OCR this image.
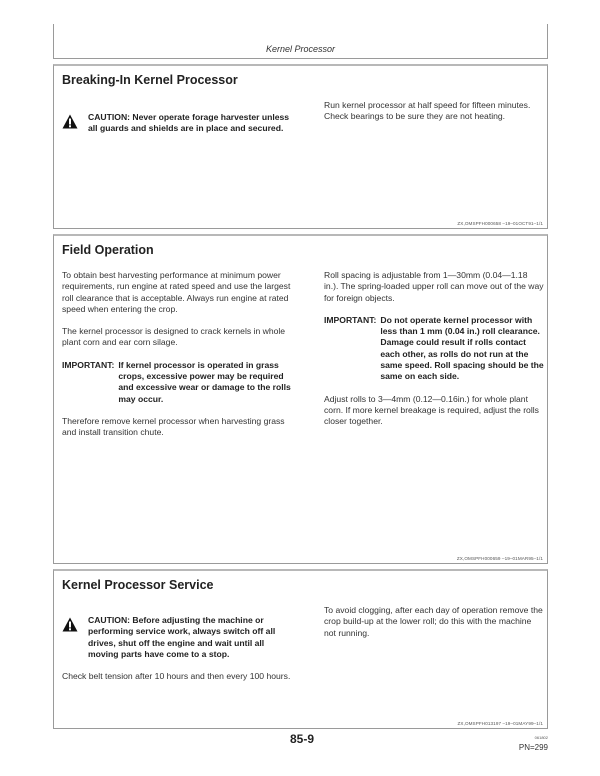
Kernel Processor
Breaking-In Kernel Processor
CAUTION: Never operate forage harvester unless all guards and shields are in place and secured.
Run kernel processor at half speed for fifteen minutes. Check bearings to be sure they are not heating.
ZX,OMSPFH000658 –19–01OCT91–1/1
Field Operation
To obtain best harvesting performance at minimum power requirements, run engine at rated speed and use the largest roll clearance that is acceptable. Always run engine at rated speed when entering the crop.
The kernel processor is designed to crack kernels in whole plant corn and ear corn silage.
IMPORTANT: If kernel processor is operated in grass crops, excessive power may be required and excessive wear or damage to the rolls may occur.
Therefore remove kernel processor when harvesting grass and install transition chute.
Roll spacing is adjustable from 1—30mm (0.04—1.18 in.). The spring-loaded upper roll can move out of the way for foreign objects.
IMPORTANT: Do not operate kernel processor with less than 1 mm (0.04 in.) roll clearance. Damage could result if rolls contact each other, as rolls do not run at the same speed. Roll spacing should be the same on each side.
Adjust rolls to 3—4mm (0.12—0.16in.) for whole plant corn. If more kernel breakage is required, adjust the rolls closer together.
ZX,OMSPFH000659 –19–01MAR95–1/1
Kernel Processor Service
CAUTION: Before adjusting the machine or performing service work, always switch off all drives, shut off the engine and wait until all moving parts have come to a stop.
Check belt tension after 10 hours and then every 100 hours.
To avoid clogging, after each day of operation remove the crop build-up at the lower roll; do this with the machine not running.
ZX,OMSPFH013197 –19–01MAY99–1/1
85-9	061802
PN=299
